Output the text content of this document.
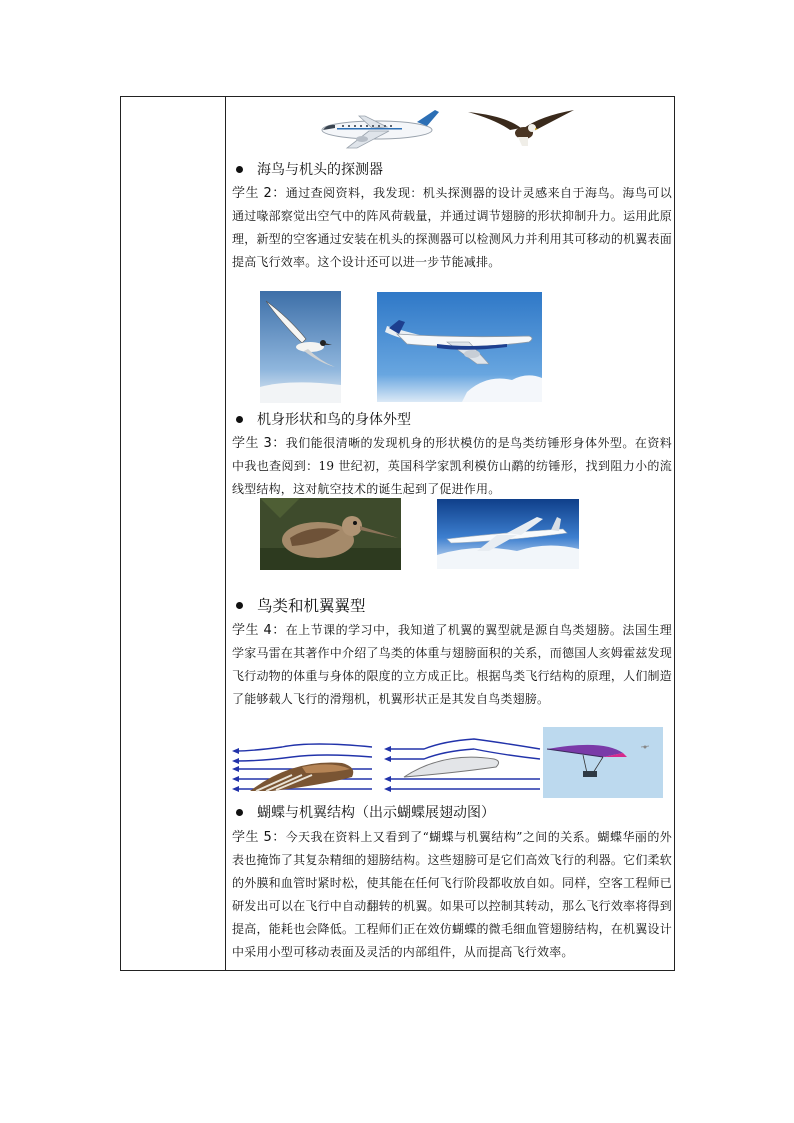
海鸟与机头的探测器
学生 2：通过查阅资料，我发现：机头探测器的设计灵感来自于海鸟。海鸟可以通过喙部察觉出空气中的阵风荷载量，并通过调节翅膀的形状抑制升力。运用此原理，新型的空客通过安装在机头的探测器可以检测风力并利用其可移动的机翼表面提高飞行效率。这个设计还可以进一步节能减排。
机身形状和鸟的身体外型
学生 3：我们能很清晰的发现机身的形状模仿的是鸟类纺锤形身体外型。在资料中我也查阅到：19 世纪初，英国科学家凯利模仿山鹬的纺锤形，找到阻力小的流线型结构，这对航空技术的诞生起到了促进作用。
鸟类和机翼翼型
学生 4：在上节课的学习中，我知道了机翼的翼型就是源自鸟类翅膀。法国生理学家马雷在其著作中介绍了鸟类的体重与翅膀面积的关系，而德国人亥姆霍兹发现飞行动物的体重与身体的限度的立方成正比。根据鸟类飞行结构的原理，人们制造了能够载人飞行的滑翔机，机翼形状正是其发自鸟类翅膀。
蝴蝶与机翼结构（出示蝴蝶展翅动图）
学生 5：今天我在资料上又看到了“蝴蝶与机翼结构”之间的关系。蝴蝶华丽的外表也掩饰了其复杂精细的翅膀结构。这些翅膀可是它们高效飞行的利器。它们柔软的外膜和血管时紧时松，使其能在任何飞行阶段都收放自如。同样，空客工程师已研发出可以在飞行中自动翻转的机翼。如果可以控制其转动，那么飞行效率将得到提高，能耗也会降低。工程师们正在效仿蝴蝶的微毛细血管翅膀结构，在机翼设计中采用小型可移动表面及灵活的内部组件，从而提高飞行效率。
